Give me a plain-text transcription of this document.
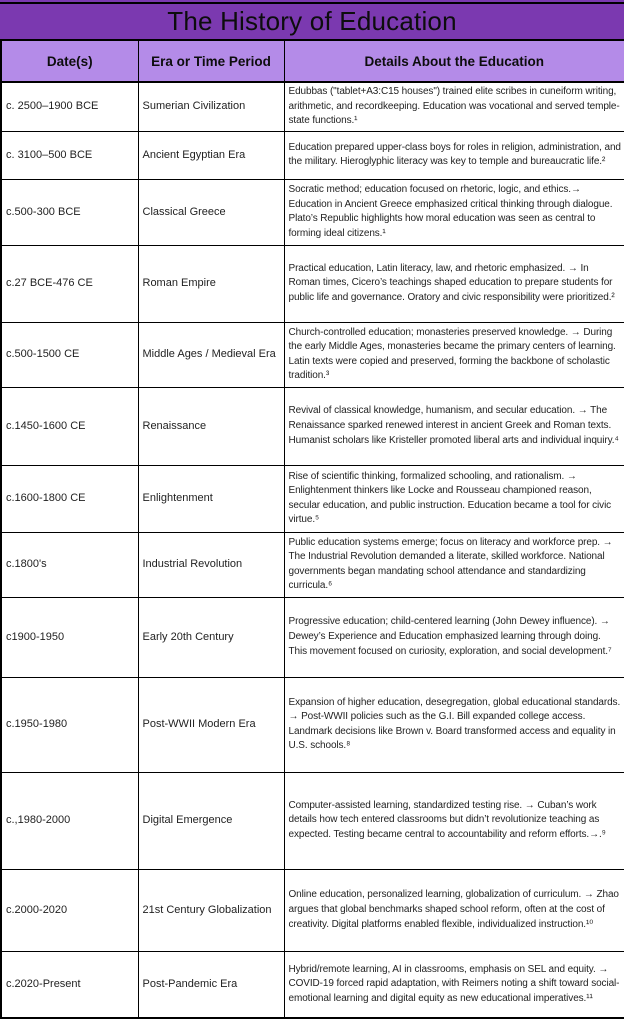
The History of Education
Date(s)	Era or Time Period	Details About the Education
c. 2500–1900 BCE	Sumerian Civilization	Edubbas ("tablet+A3:C15 houses") trained elite scribes in cuneiform writing, arithmetic, and recordkeeping. Education was vocational and served temple-state functions.¹
c. 3100–500 BCE	Ancient Egyptian Era	Education prepared upper-class boys for roles in religion, administration, and the military. Hieroglyphic literacy was key to temple and bureaucratic life.²
c.500-300 BCE	Classical Greece	Socratic method; education focused on rhetoric, logic, and ethics.→ Education in Ancient Greece emphasized critical thinking through dialogue. Plato’s Republic highlights how moral education was seen as central to forming ideal citizens.¹
c.27 BCE-476 CE	Roman Empire	Practical education, Latin literacy, law, and rhetoric emphasized. → In Roman times, Cicero’s teachings shaped education to prepare students for public life and governance. Oratory and civic responsibility were prioritized.²
c.500-1500 CE	Middle Ages / Medieval Era	Church-controlled education; monasteries preserved knowledge. → During the early Middle Ages, monasteries became the primary centers of learning. Latin texts were copied and preserved, forming the backbone of scholastic tradition.³
c.1450-1600 CE	Renaissance	Revival of classical knowledge, humanism, and secular education. → The Renaissance sparked renewed interest in ancient Greek and Roman texts. Humanist scholars like Kristeller promoted liberal arts and individual inquiry.⁴
c.1600-1800 CE	Enlightenment	Rise of scientific thinking, formalized schooling, and rationalism. → Enlightenment thinkers like Locke and Rousseau championed reason, secular education, and public instruction. Education became a tool for civic virtue.⁵
c.1800's	Industrial Revolution	Public education systems emerge; focus on literacy and workforce prep. → The Industrial Revolution demanded a literate, skilled workforce. National governments began mandating school attendance and standardizing curricula.⁶
c1900-1950	Early 20th Century	Progressive education; child-centered learning (John Dewey influence). → Dewey’s Experience and Education emphasized learning through doing. This movement focused on curiosity, exploration, and social development.⁷
c.1950-1980	Post-WWII Modern Era	Expansion of higher education, desegregation, global educational standards. → Post-WWII policies such as the G.I. Bill expanded college access. Landmark decisions like Brown v. Board transformed access and equality in U.S. schools.⁸
c.,1980-2000	Digital Emergence	Computer-assisted learning, standardized testing rise. → Cuban’s work details how tech entered classrooms but didn’t revolutionize teaching as expected. Testing became central to accountability and reform efforts.→.⁹
c.2000-2020	21st Century Globalization	Online education, personalized learning, globalization of curriculum. → Zhao argues that global benchmarks shaped school reform, often at the cost of creativity. Digital platforms enabled flexible, individualized instruction.¹⁰
c.2020-Present	Post-Pandemic Era	Hybrid/remote learning, AI in classrooms, emphasis on SEL and equity. → COVID-19 forced rapid adaptation, with Reimers noting a shift toward social-emotional learning and digital equity as new educational imperatives.¹¹
